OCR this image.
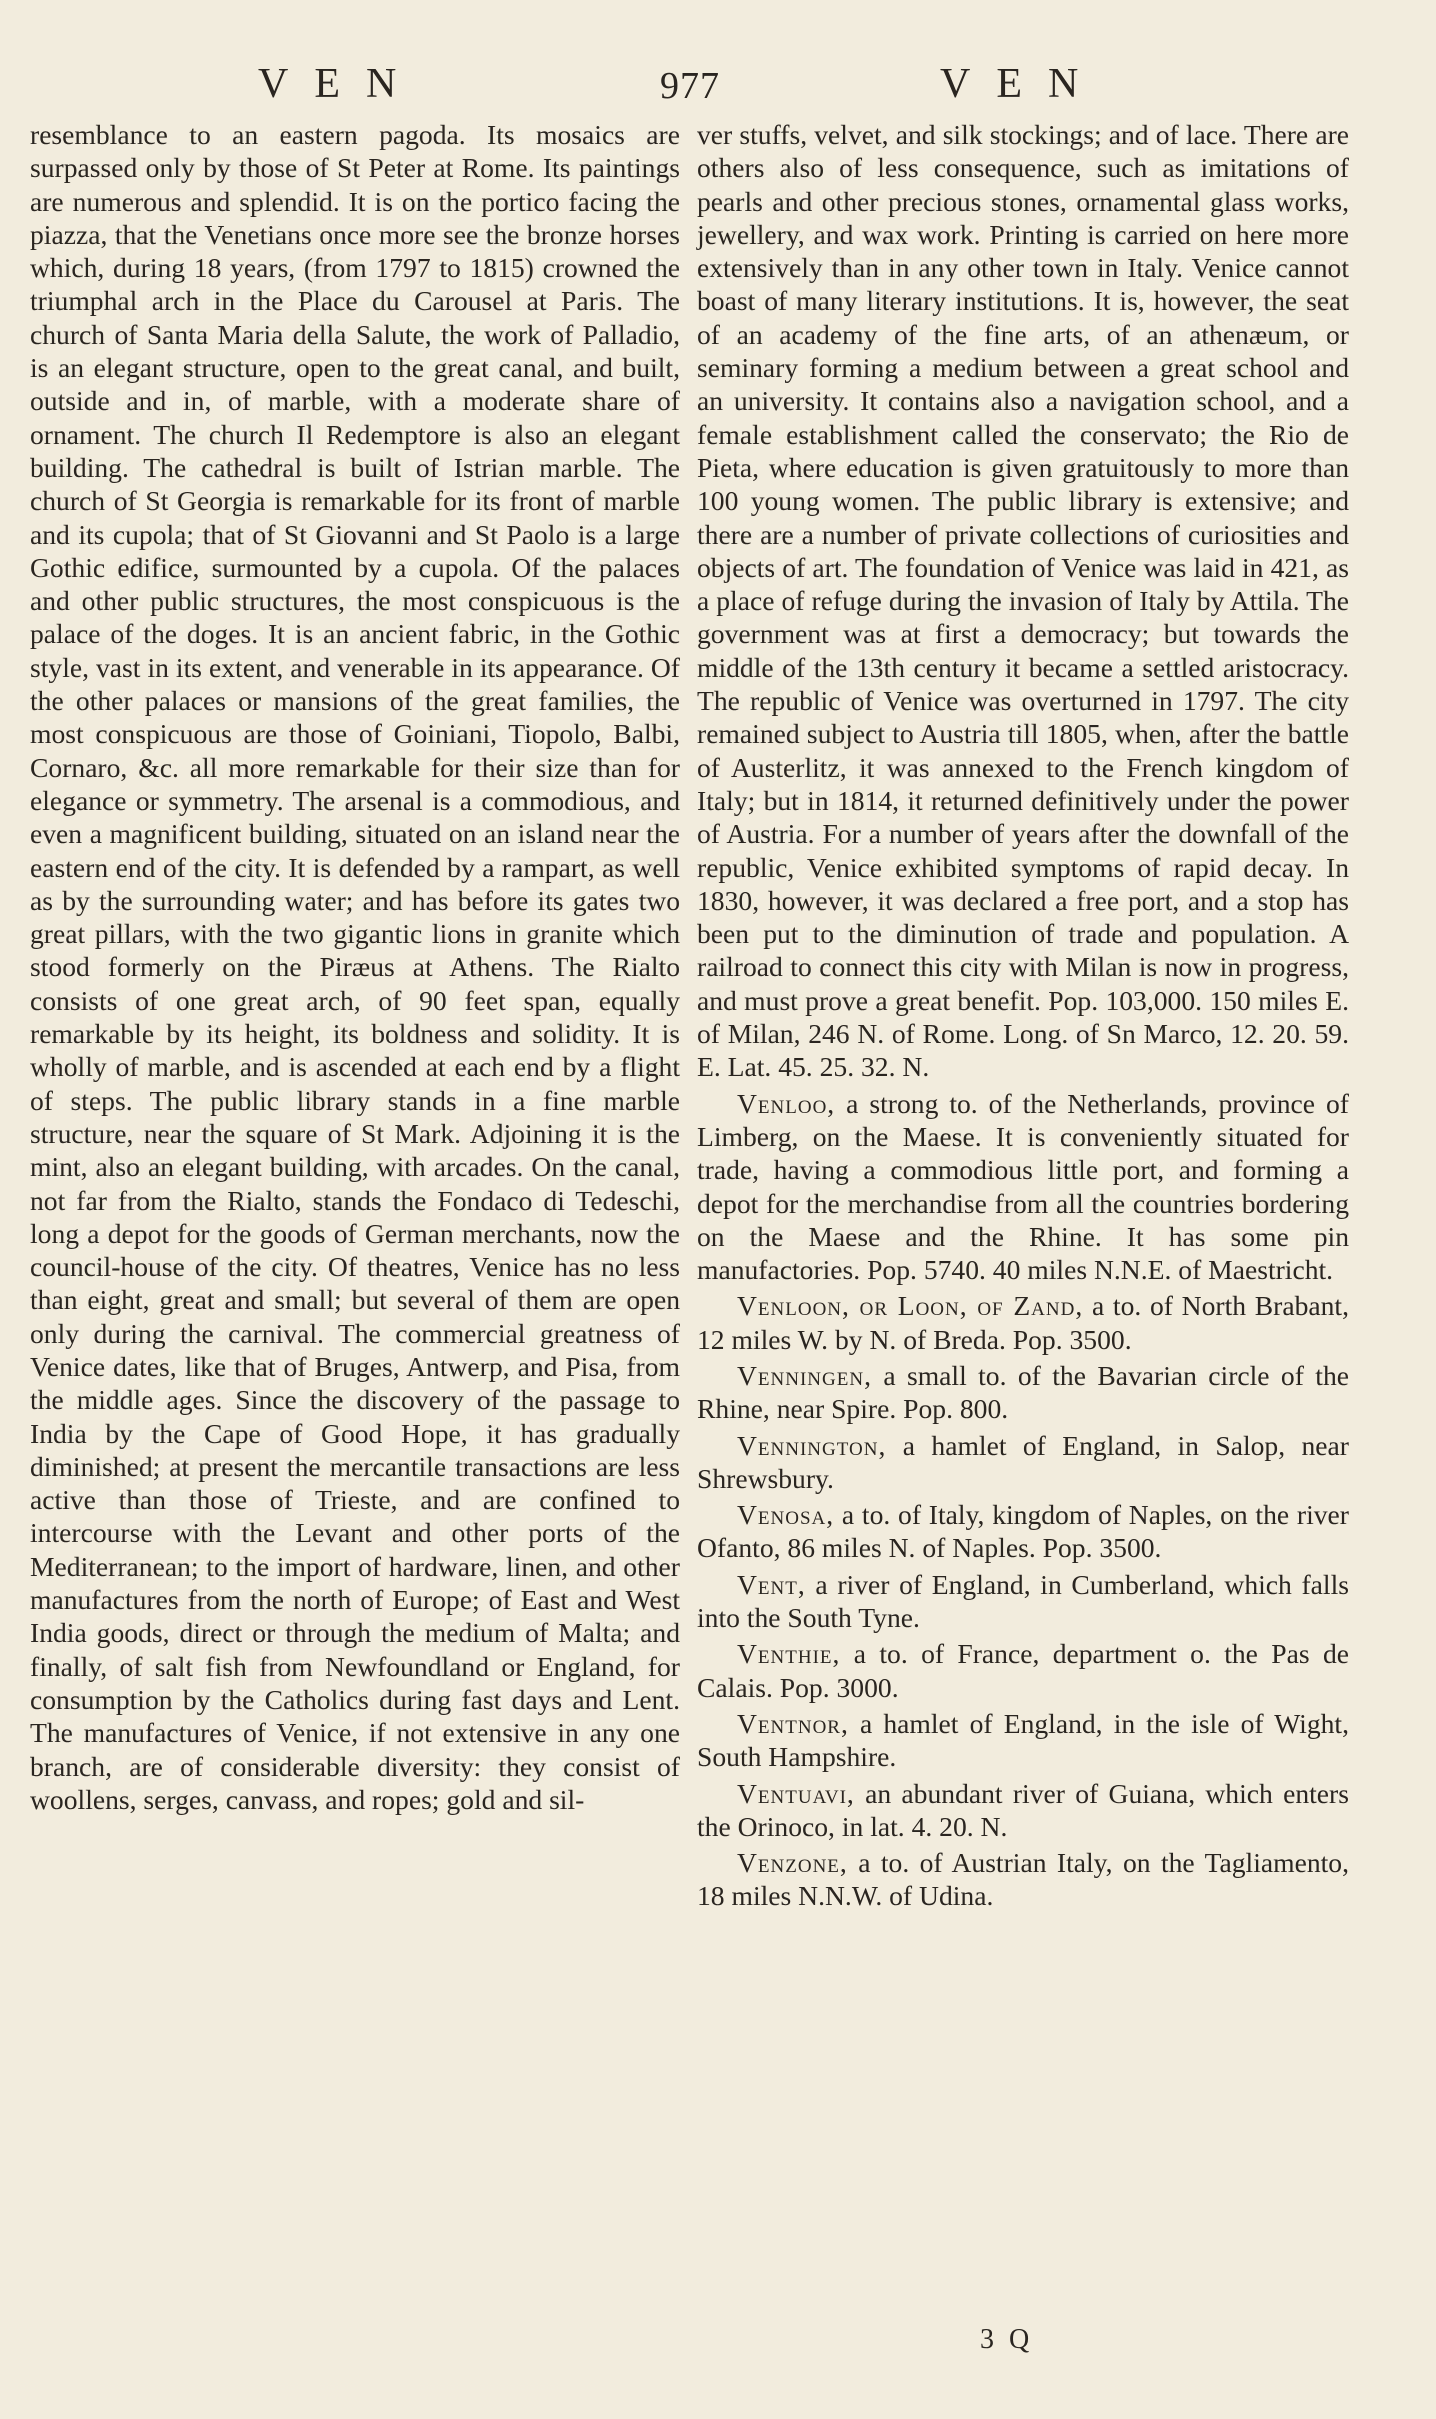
VEN	977	VEN

resemblance to an eastern pagoda. Its mosaics are surpassed only by those of St Peter at Rome. Its paintings are numerous and splendid. It is on the portico facing the piazza, that the Venetians once more see the bronze horses which, during 18 years, (from 1797 to 1815) crowned the triumphal arch in the Place du Carousel at Paris. The church of Santa Maria della Salute, the work of Palladio, is an elegant structure, open to the great canal, and built, outside and in, of marble, with a moderate share of ornament. The church Il Redemptore is also an elegant building. The cathedral is built of Istrian marble. The church of St Georgia is remarkable for its front of marble and its cupola; that of St Giovanni and St Paolo is a large Gothic edifice, surmounted by a cupola. Of the palaces and other public structures, the most conspicuous is the palace of the doges. It is an ancient fabric, in the Gothic style, vast in its extent, and venerable in its appearance. Of the other palaces or mansions of the great families, the most conspicuous are those of Goiniani, Tiopolo, Balbi, Cornaro, &c. all more remarkable for their size than for elegance or symmetry. The arsenal is a commodious, and even a magnificent building, situated on an island near the eastern end of the city. It is defended by a rampart, as well as by the surrounding water; and has before its gates two great pillars, with the two gigantic lions in granite which stood formerly on the Piræus at Athens. The Rialto consists of one great arch, of 90 feet span, equally remarkable by its height, its boldness and solidity. It is wholly of marble, and is ascended at each end by a flight of steps. The public library stands in a fine marble structure, near the square of St Mark. Adjoining it is the mint, also an elegant building, with arcades. On the canal, not far from the Rialto, stands the Fondaco di Tedeschi, long a depot for the goods of German merchants, now the council-house of the city. Of theatres, Venice has no less than eight, great and small; but several of them are open only during the carnival. The commercial greatness of Venice dates, like that of Bruges, Antwerp, and Pisa, from the middle ages. Since the discovery of the passage to India by the Cape of Good Hope, it has gradually diminished; at present the mercantile transactions are less active than those of Trieste, and are confined to intercourse with the Levant and other ports of the Mediterranean; to the import of hardware, linen, and other manufactures from the north of Europe; of East and West India goods, direct or through the medium of Malta; and finally, of salt fish from Newfoundland or England, for consumption by the Catholics during fast days and Lent. The manufactures of Venice, if not extensive in any one branch, are of considerable diversity: they consist of woollens, serges, canvass, and ropes; gold and sil-

ver stuffs, velvet, and silk stockings; and of lace. There are others also of less consequence, such as imitations of pearls and other precious stones, ornamental glass works, jewellery, and wax work. Printing is carried on here more extensively than in any other town in Italy. Venice cannot boast of many literary institutions. It is, however, the seat of an academy of the fine arts, of an athenæum, or seminary forming a medium between a great school and an university. It contains also a navigation school, and a female establishment called the conservato; the Rio de Pieta, where education is given gratuitously to more than 100 young women. The public library is extensive; and there are a number of private collections of curiosities and objects of art. The foundation of Venice was laid in 421, as a place of refuge during the invasion of Italy by Attila. The government was at first a democracy; but towards the middle of the 13th century it became a settled aristocracy. The republic of Venice was overturned in 1797. The city remained subject to Austria till 1805, when, after the battle of Austerlitz, it was annexed to the French kingdom of Italy; but in 1814, it returned definitively under the power of Austria. For a number of years after the downfall of the republic, Venice exhibited symptoms of rapid decay. In 1830, however, it was declared a free port, and a stop has been put to the diminution of trade and population. A railroad to connect this city with Milan is now in progress, and must prove a great benefit. Pop. 103,000. 150 miles E. of Milan, 246 N. of Rome. Long. of Sn Marco, 12. 20. 59. E. Lat. 45. 25. 32. N.

Venloo, a strong to. of the Netherlands, province of Limberg, on the Maese. It is conveniently situated for trade, having a commodious little port, and forming a depot for the merchandise from all the countries bordering on the Maese and the Rhine. It has some pin manufactories. Pop. 5740. 40 miles N.N.E. of Maestricht.

Venloon, or Loon, of Zand, a to. of North Brabant, 12 miles W. by N. of Breda. Pop. 3500.

Venningen, a small to. of the Bavarian circle of the Rhine, near Spire. Pop. 800.

Vennington, a hamlet of England, in Salop, near Shrewsbury.

Venosa, a to. of Italy, kingdom of Naples, on the river Ofanto, 86 miles N. of Naples. Pop. 3500.

Vent, a river of England, in Cumberland, which falls into the South Tyne.

Venthie, a to. of France, department o. the Pas de Calais. Pop. 3000.

Ventnor, a hamlet of England, in the isle of Wight, South Hampshire.

Ventuavi, an abundant river of Guiana, which enters the Orinoco, in lat. 4. 20. N.

Venzone, a to. of Austrian Italy, on the Tagliamento, 18 miles N.N.W. of Udina.

3 Q
